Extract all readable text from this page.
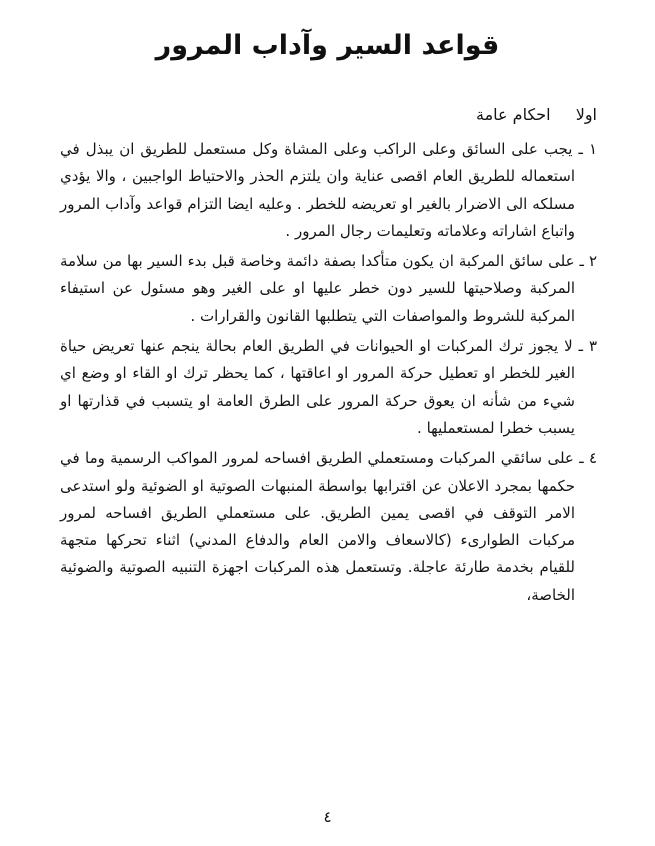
قواعد السير وآداب المرور
اولا احكام عامة

١ ـ يجب على السائق وعلى الراكب وعلى المشاة وكل مستعمل للطريق ان يبذل في استعماله للطريق العام اقصى عناية وان يلتزم الحذر والاحتياط الواجبين ، والا يؤدي مسلكه الى الاضرار بالغير او تعريضه للخطر . وعليه ايضا التزام قواعد وآداب المرور واتباع اشاراته وعلاماته وتعليمات رجال المرور .

٢ ـ على سائق المركبة ان يكون متأكدا بصفة دائمة وخاصة قبل بدء السير بها من سلامة المركبة وصلاحيتها للسير دون خطر عليها او على الغير وهو مسئول عن استيفاء المركبة للشروط والمواصفات التي يتطلبها القانون والقرارات .

٣ ـ لا يجوز ترك المركبات او الحيوانات في الطريق العام بحالة ينجم عنها تعريض حياة الغير للخطر او تعطيل حركة المرور او اعاقتها ، كما يحظر ترك او القاء او وضع اي شيء من شأنه ان يعوق حركة المرور على الطرق العامة او يتسبب في قذارتها او يسبب خطرا لمستعمليها .

٤ ـ على سائقي المركبات ومستعملي الطريق افساحه لمرور المواكب الرسمية وما في حكمها بمجرد الاعلان عن اقترابها بواسطة المنبهات الصوتية او الضوئية ولو استدعى الامر التوقف في اقصى يمين الطريق. على مستعملي الطريق افساحه لمرور مركبات الطوارىء (كالاسعاف والامن العام والدفاع المدني) اثناء تحركها متجهة للقيام بخدمة طارئة عاجلة. وتستعمل هذه المركبات اجهزة التنبيه الصوتية والضوئية الخاصة،

٤
